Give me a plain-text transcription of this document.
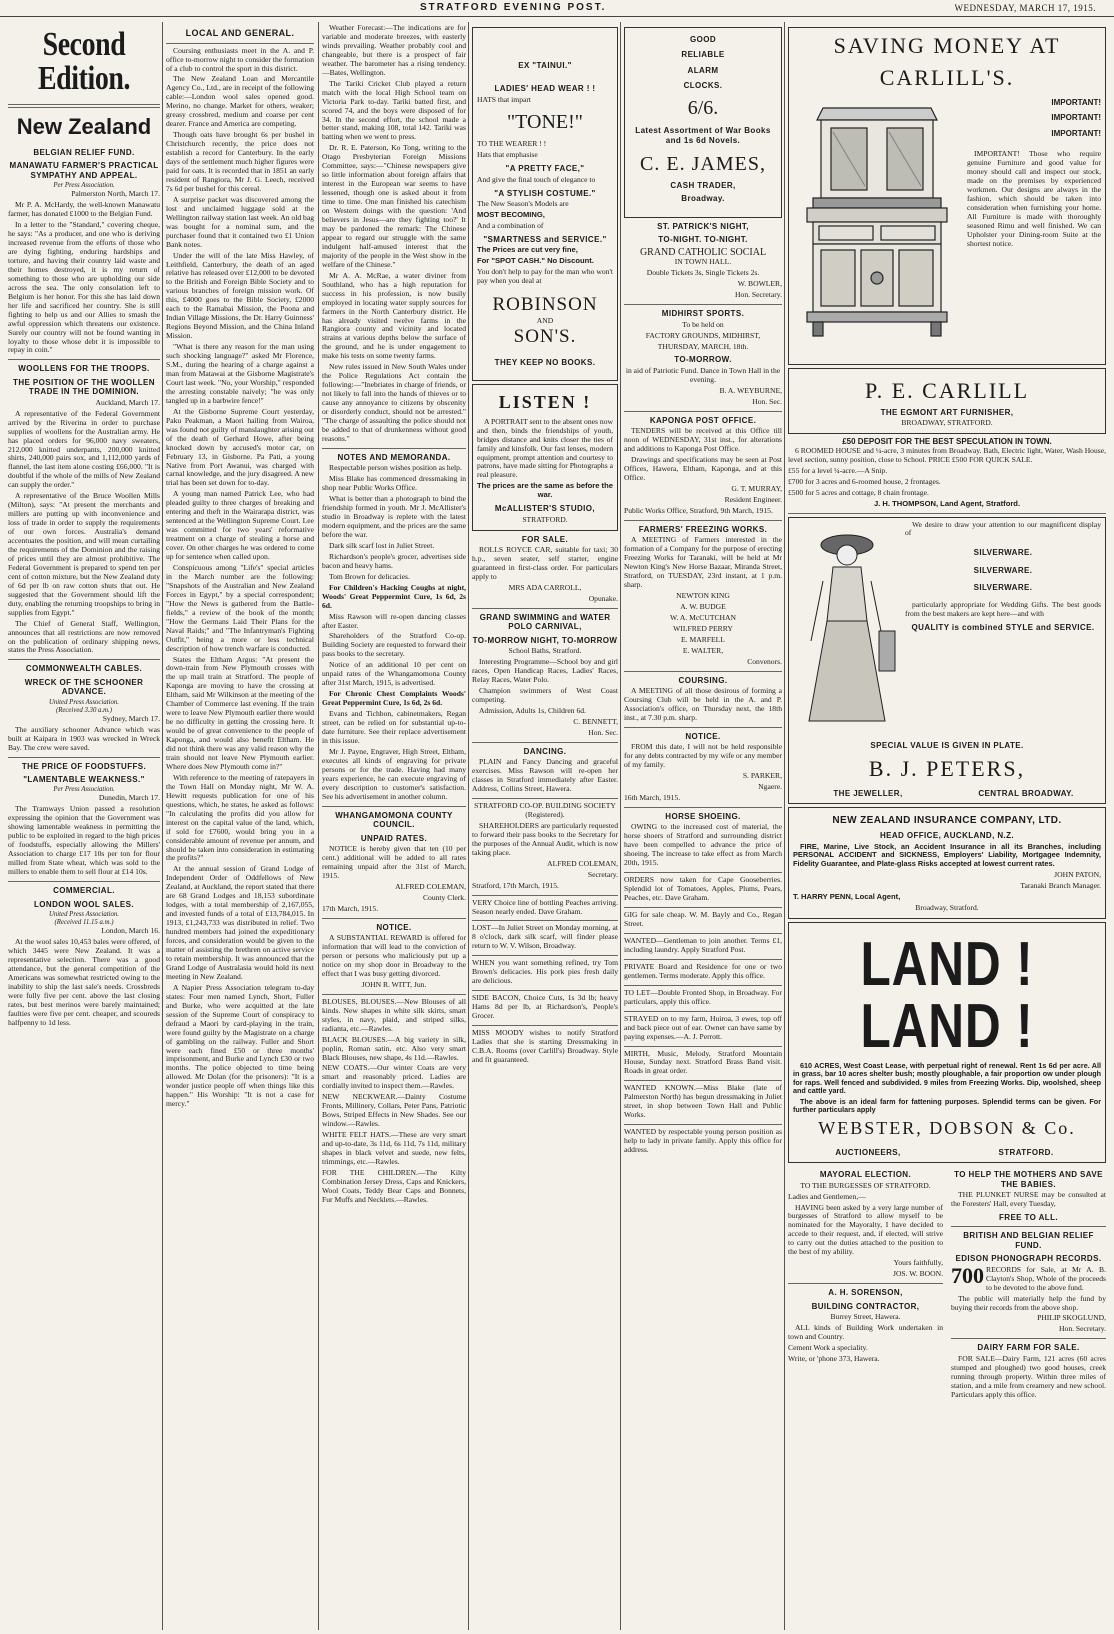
STRATFORD EVENING POST.	WEDNESDAY, MARCH 17, 1915.
Second Edition.
New Zealand
BELGIAN RELIEF FUND.
MANAWATU FARMER'S PRACTICAL SYMPATHY AND APPEAL.
Per Press Association.

Palmerston North, March 17.

Mr P. A. McHardy, the well-known Manawatu farmer, has donated £1000 to the Belgian Fund.

In a letter to the "Standard," covering cheque, he says: "As a producer, and one who is deriving increased revenue from the efforts of those who are dying fighting, enduring hardships and torture, and having their country laid waste and their homes destroyed, it is my return of something to those who are upholding our side across the sea. The only consolation left to Belgium is her honor. For this she has laid down her life and sacrificed her country. She is still fighting to help us and our Allies to smash the awful oppression which threatens our existence. Surely our country will not be found wanting in loyalty to those whose debt it is impossible to repay in coin."

WOOLLENS FOR THE TROOPS.
THE POSITION OF THE WOOLLEN TRADE IN THE DOMINION.

Auckland, March 17.

A representative of the Federal Government arrived by the Riverina in order to purchase supplies of woollens for the Australian army. He has placed orders for 96,000 navy sweaters, 212,000 knitted underpants, 200,000 knitted shirts, 240,000 pairs sox, and 1,112,000 yards of flannel, the last item alone costing £66,000. "It is doubtful if the whole of the mills of New Zealand can supply the order."

A representative of the Bruce Woollen Mills (Milton), says: "At present the merchants and millers are putting up with inconvenience and loss of trade in order to supply the requirements of our own forces. Australia's demand accentuates the position, and will mean curtailing the requirements of the Dominion and the raising of prices until they are almost prohibitive. The Federal Government is prepared to spend ten per cent of cotton mixture, but the New Zealand duty of 6d per lb on raw cotton shuts that out. He suggested that the Government should lift the duty, enabling the returning troopships to bring in supplies from Egypt."

The Chief of General Staff, Wellington, announces that all restrictions are now removed on the publication of ordinary shipping news, states the Press Association.

COMMONWEALTH CABLES.
WRECK OF THE SCHOONER ADVANCE.
United Press Association.
(Received 3.30 a.m.)

Sydney, March 17.

The auxiliary schooner Advance which was built at Kaipara in 1903 was wrecked in Wreck Bay. The crew were saved.

THE PRICE OF FOODSTUFFS.
"LAMENTABLE WEAKNESS."
Per Press Association.

Dunedin, March 17.

The Tramways Union passed a resolution expressing the opinion that the Government was showing lamentable weakness in permitting the public to be exploited in regard to the high prices of foodstuffs, especially allowing the Millers' Association to charge £17 10s per ton for flour milled from State wheat, which was sold to the millers to enable them to sell flour at £14 10s.

COMMERCIAL.
LONDON WOOL SALES.
United Press Association.
(Received 11.15 a.m.)

London, March 16.

At the wool sales 10,453 bales were offered, of which 3445 were New Zealand. It was a representative selection. There was a good attendance, but the general competition of the Americans was somewhat restricted owing to the inability to ship the last sale's needs. Crossbreds were fully five per cent. above the last closing rates, but best merinos were barely maintained; faulties were five per cent. cheaper, and scoureds halfpenny to 1d less.

LOCAL AND GENERAL.

Coursing enthusiasts meet in the A. and P. office to-morrow night to consider the formation of a club to control the sport in this district.

The New Zealand Loan and Mercantile Agency Co., Ltd., are in receipt of the following cable:—London wool sales opened good. Merino, no change. Market for others, weaker; greasy crossbred, medium and coarse per cent dearer. France and America are competing.

Though oats have brought 6s per bushel in Christchurch recently, the price does not establish a record for Canterbury. In the early days of the settlement much higher figures were paid for oats. It is recorded that in 1851 an early resident of Rangiora, Mr J. G. Leech, received 7s 6d per bushel for this cereal.

A surprise packet was discovered among the lost and unclaimed luggage sold at the Wellington railway station last week. An old bag was bought for a nominal sum, and the purchaser found that it contained two £1 Union Bank notes.

Under the will of the late Miss Hawley, of Leithfield, Canterbury, the death of an aged relative has released over £12,000 to be devoted to the British and Foreign Bible Society and to various branches of foreign mission work. Of this, £4000 goes to the Bible Society, £2000 each to the Ramabai Mission, the Poona and Indian Village Missions, the Dr. Harry Guinness' Regions Beyond Mission, and the China Inland Mission.

"What is there any reason for the man using such shocking language?" asked Mr Florence, S.M., during the hearing of a charge against a man from Matawai at the Gisborne Magistrate's Court last week. "No, your Worship," responded the arresting constable naively; "he was only tangled up in a barbwire fence!"

At the Gisborne Supreme Court yesterday, Paku Peakman, a Maori hailing from Wairoa, was found not guilty of manslaughter arising out of the death of Gerhard Howe, after being knocked down by accused's motor car, on February 13, in Gisborne. Pa Pati, a young Native from Port Awanui, was charged with carnal knowledge, and the jury disagreed. A new trial has been set down for to-day.

A young man named Patrick Lee, who had pleaded guilty to three charges of breaking and entering and theft in the Wairarapa district, was sentenced at the Wellington Supreme Court. Lee was committed for two years' reformative treatment on a charge of stealing a horse and cover. On other charges he was ordered to come up for sentence when called upon.

Conspicuous among "Life's" special articles in the March number are the following: "Snapshots of the Australian and New Zealand Forces in Egypt," by a special correspondent; "How the News is gathered from the Battle-fields," a review of the book of the month; "How the Germans Laid Their Plans for the Naval Raids;" and "The Infantryman's Fighting Outfit," being a more or less technical description of how trench warfare is conducted.

States the Eltham Argus: "At present the down-train from New Plymouth crosses with the up mail train at Stratford. The people of Kaponga are moving to have the crossing at Eltham, said Mr Wilkinson at the meeting of the Chamber of Commerce last evening. If the train were to leave New Plymouth earlier there would be no difficulty in getting the crossing here. It would be of great convenience to the people of Kaponga, and would also benefit Eltham. He did not think there was any valid reason why the train should not leave New Plymouth earlier. Where does New Plymouth come in?"

With reference to the meeting of ratepayers in the Town Hall on Monday night, Mr W. A. Hewitt requests publication for one of his questions, which, he states, he asked as follows: "In calculating the profits did you allow for interest on the capital value of the land, which, if sold for £7600, would bring you in a considerable amount of revenue per annum, and should be taken into consideration in estimating the profits?"

At the annual session of Grand Lodge of Independent Order of Oddfellows of New Zealand, at Auckland, the report stated that there are 68 Grand Lodges and 18,153 subordinate lodges, with a total membership of 2,167,055, and invested funds of a total of £13,784,015. In 1913, £1,243,733 was distributed in relief. Two hundred members had joined the expeditionary forces, and consideration would be given to the matter of assisting the brethren on active service to retain membership. It was announced that the Grand Lodge of Australasia would hold its next meeting in New Zealand.

A Napier Press Association telegram to-day states: Four men named Lynch, Short, Fuller and Burke, who were acquitted at the late session of the Supreme Court of conspiracy to defraud a Maori by card-playing in the train, were found guilty by the Magistrate on a charge of gambling on the railway. Fuller and Short were each fined £50 or three months' imprisonment, and Burke and Lynch £30 or two months. The police objected to time being allowed. Mr Dolan (for the prisoners): "It is a wonder justice people off when things like this happen." His Worship: "It is not a case for mercy."

Weather Forecast:—The indications are for variable and moderate breezes, with easterly winds prevailing. Weather probably cool and changeable, but there is a prospect of fair weather. The barometer has a rising tendency.—Bates, Wellington.

The Tariki Cricket Club played a return match with the local High School team on Victoria Park to-day. Tariki batted first, and scored 74, and the boys were disposed of for 34. In the second effort, the school made a better stand, making 108, total 142. Tariki was batting when we went to press.

Dr. R. E. Paterson, Ko Tong, writing to the Otago Presbyterian Foreign Missions Committee, says:—"Chinese newspapers give so little information about foreign affairs that interest in the European war seems to have lessened, though one is asked about it from time to time. One man finished his catechism on Western doings with the question: 'And believers in Jesus—are they fighting too?' It may be pardoned the remark: The Chinese appear to regard our struggle with the same indulgent half-amused interest that the majority of the people in the West show in the welfare of the Chinese."

Mr A. A. McRae, a water diviner from Southland, who has a high reputation for success in his profession, is now busily employed in locating water supply sources for farmers in the North Canterbury district. He has already visited twelve farms in the Rangiora county and vicinity and located strains at various depths below the surface of the ground, and he is under engagement to make his tests on some twenty farms.

New rules issued in New South Wales under the Police Regulations Act contain the following:—"Inebriates in charge of friends, or not likely to fall into the hands of thieves or to cause any annoyance to citizens by obscenity or disorderly conduct, should not be arrested." "The charge of assaulting the police should not be added to that of drunkenness without good reasons."

NOTES AND MEMORANDA.

Respectable person wishes position as help.

Miss Blake has commenced dressmaking in shop near Public Works Office.

What is better than a photograph to bind the friendship formed in youth. Mr J. McAllister's studio in Broadway is replete with the latest modern equipment, and the prices are the same before the war.

Dark silk scarf lost in Juliet Street.

Richardson's people's grocer, advertises side bacon and heavy hams.

Tom Brown for delicacies.

For Children's Hacking Coughs at night, Woods' Great Peppermint Cure, 1s 6d, 2s 6d.

Miss Rawson will re-open dancing classes after Easter.

Shareholders of the Stratford Co-op. Building Society are requested to forward their pass books to the secretary.

Notice of an additional 10 per cent on unpaid rates of the Whangamomona County after 31st March, 1915, is advertised.

For Chronic Chest Complaints Woods' Great Peppermint Cure, 1s 6d, 2s 6d.

Evans and Tichbon, cabinetmakers, Regan street, can be relied on for substantial up-to-date furniture. See their replace advertisement in this issue.

Mr J. Payne, Engraver, High Street, Eltham, executes all kinds of engraving for private persons or for the trade. Having had many years experience, he can execute engraving of every description to customer's satisfaction. See his advertisement in another column.

WHANGAMOMONA COUNTY COUNCIL.
UNPAID RATES.

NOTICE is hereby given that ten (10 per cent.) additional will be added to all rates remaining unpaid after the 31st of March, 1915.

ALFRED COLEMAN,

County Clerk.

17th March, 1915.

NOTICE.

A SUBSTANTIAL REWARD is offered for information that will lead to the conviction of person or persons who maliciously put up a notice on my shop door in Broadway to the effect that I was busy getting divorced.

JOHN R. WITT, Jun.

BLOUSES, BLOUSES.—New Blouses of all kinds. New shapes in white silk skirts, smart styles, in navy, plaid, and striped silks, radianta, etc.—Rawles.

BLACK BLOUSES.—A big variety in silk, poplin, Roman satin, etc. Also very smart Black Blouses, new shape, 4s 11d.—Rawles.

NEW COATS.—Our winter Coats are very smart and reasonably priced. Ladies are cordially invited to inspect them.—Rawles.

NEW NECKWEAR.—Dainty Costume Fronts, Millinery, Collars, Peter Pans, Patriotic Bows, Striped Effects in New Shades. See our window.—Rawles.

WHITE FELT HATS.—These are very smart and up-to-date, 3s 11d, 6s 11d, 7s 11d, military shapes in black velvet and suede, new felts, trimmings, etc.—Rawles.

FOR THE CHILDREN.—The Kilty Combination Jersey Dress, Caps and Knickers, Wool Coats, Teddy Bear Caps and Bonnets, Fur Muffs and Necklets.—Rawles.

EX "TAINUI."
LADIES' HEAD WEAR ! !

HATS that impart

"TONE!"

TO THE WEARER ! !

Hats that emphasise

"A PRETTY FACE,"

And give the final touch of elegance to

"A STYLISH COSTUME."

The New Season's Models are

MOST BECOMING,

And a combination of

"SMARTNESS and SERVICE."

The Prices are cut very fine,

For "SPOT CASH." No Discount.

You don't help to pay for the man who won't pay when you deal at

ROBINSON
AND
SON'S.
THEY KEEP NO BOOKS.
LISTEN !

A PORTRAIT sent to the absent ones now and then, binds the friendships of youth, bridges distance and knits closer the ties of family and kinsfolk. Our fast lenses, modern equipment, prompt attention and courtesy to patrons, have made sitting for Photographs a real pleasure.

The prices are the same as before the war.

McALLISTER'S STUDIO,

STRATFORD.

FOR SALE.

ROLLS ROYCE CAR, suitable for taxi; 30 h.p., seven seater, self starter, engine guaranteed in first-class order. For particulars apply to

MRS ADA CARROLL,

Opunake.

GRAND SWIMMING and WATER POLO CARNIVAL,
TO-MORROW NIGHT, TO-MORROW

School Baths, Stratford.

Interesting Programme—School boy and girl races, Open Handicap Races, Ladies' Races, Relay Races, Water Polo.

Champion swimmers of West Coast competing.

Admission, Adults 1s, Children 6d.

C. BENNETT,

Hon. Sec.

DANCING.

PLAIN and Fancy Dancing and graceful exercises. Miss Rawson will re-open her classes in Stratford immediately after Easter. Address, Collins Street, Hawera.

STRATFORD CO-OP. BUILDING SOCIETY (Registered).

SHAREHOLDERS are particularly requested to forward their pass books to the Secretary for the purposes of the Annual Audit, which is now taking place.

ALFRED COLEMAN,

Secretary.

Stratford, 17th March, 1915.

VERY Choice line of bottling Peaches arriving. Season nearly ended. Dave Graham.

LOST—In Juliet Street on Monday morning, at 8 o'clock, dark silk scarf, will finder please return to W. V. Wilson, Broadway.

WHEN you want something refined, try Tom Brown's delicacies. His pork pies fresh daily are delicious.

SIDE BACON, Choice Cuts, 1s 3d lb; heavy Hams 8d per lb, at Richardson's, People's Grocer.

MISS MOODY wishes to notify Stratford Ladies that she is starting Dressmaking in C.B.A. Rooms (over Carlill's) Broadway. Style and fit guaranteed.

GOOD
RELIABLE
ALARM
CLOCKS.
6/6.
Latest Assortment of War Books and 1s 6d Novels.
C. E. JAMES,
CASH TRADER,
Broadway.
ST. PATRICK'S NIGHT,
TO-NIGHT. TO-NIGHT.
GRAND CATHOLIC SOCIAL

IN TOWN HALL.

Double Tickets 3s, Single Tickets 2s.

W. BOWLER,

Hon. Secretary.

MIDHIRST SPORTS.

To be held on

FACTORY GROUNDS, MIDHIRST,

THURSDAY, MARCH, 18th.

TO-MORROW.

in aid of Patriotic Fund. Dance in Town Hall in the evening.

B. A. WEYBURNE,

Hon. Sec.

KAPONGA POST OFFICE.

TENDERS will be received at this Office till noon of WEDNESDAY, 31st inst., for alterations and additions to Kaponga Post Office.

Drawings and specifications may be seen at Post Offices, Hawera, Eltham, Kaponga, and at this Office.

G. T. MURRAY,

Resident Engineer.

Public Works Office, Stratford, 9th March, 1915.

FARMERS' FREEZING WORKS.

A MEETING of Farmers interested in the formation of a Company for the purpose of erecting Freezing Works for Taranaki, will be held at Mr Newton King's New Horse Bazaar, Miranda Street, Stratford, on TUESDAY, 23rd instant, at 1 p.m. sharp.

NEWTON KING

A. W. BUDGE

W. A. McCUTCHAN

WILFRED PERRY

E. MARFELL

E. WALTER,

Convenors.

COURSING.

A MEETING of all those desirous of forming a Coursing Club will be held in the A. and P. Association's office, on Thursday next, the 18th inst., at 7.30 p.m. sharp.

NOTICE.

FROM this date, I will not be held responsible for any debts contracted by my wife or any member of my family.

S. PARKER,

Ngaere.

16th March, 1915.

HORSE SHOEING.

OWING to the increased cost of material, the horse shoers of Stratford and surrounding district have been compelled to advance the price of shoeing. The increase to take effect as from March 20th, 1915.

ORDERS now taken for Cape Gooseberries. Splendid lot of Tomatoes, Apples, Plums, Pears, Peaches, etc. Dave Graham.

GIG for sale cheap. W. M. Bayly and Co., Regan Street.

WANTED—Gentleman to join another. Terms £1, including laundry. Apply Stratford Post.

PRIVATE Board and Residence for one or two gentlemen. Terms moderate. Apply this office.

TO LET—Double Fronted Shop, in Broadway. For particulars, apply this office.

STRAYED on to my farm, Huiroa, 3 ewes, top off and back piece out of ear. Owner can have same by paying expenses.—A. J. Perrott.

MIRTH, Music, Melody, Stratford Mountain House, Sunday next. Stratford Brass Band visit. Roads in great order.

WANTED KNOWN.—Miss Blake (late of Palmerston North) has begun dressmaking in Juliet street, in shop between Town Hall and Public Works.

WANTED by respectable young person position as help to lady in private family. Apply this office for address.

SAVING MONEY AT
CARLILL'S.
IMPORTANT!
IMPORTANT!
IMPORTANT!

IMPORTANT! Those who require genuine Furniture and good value for money should call and inspect our stock, made on the premises by experienced workmen. Our designs are always in the fashion, which should be taken into consideration when furnishing your home. All Furniture is made with thoroughly seasoned Rimu and well finished. We can Upholster your Dining-room Suite at the shortest notice.

P. E. CARLILL
THE EGMONT ART FURNISHER,

BROADWAY, STRATFORD.

£50 DEPOSIT FOR THE BEST SPECULATION IN TOWN.

6 ROOMED HOUSE and ¼-acre, 3 minutes from Broadway. Bath, Electric light, Water, Wash House, level section, sunny position, close to School. PRICE £500 FOR QUICK SALE.

£55 for a level ¼-acre.—A Snip.

£700 for 3 acres and 6-roomed house, 2 frontages.

£500 for 5 acres and cottage, 8 chain frontage.

J. H. THOMPSON, Land Agent, Stratford.

We desire to draw your attention to our magnificent display of

SILVERWARE.
SILVERWARE.
SILVERWARE.

particularly appropriate for Wedding Gifts. The best goods from the best makers are kept here—and with

QUALITY is combined STYLE and SERVICE.
SPECIAL VALUE IS GIVEN IN PLATE.
B. J. PETERS,
THE JEWELLER,	CENTRAL BROADWAY.
NEW ZEALAND INSURANCE COMPANY, LTD.
HEAD OFFICE, AUCKLAND, N.Z.

FIRE, Marine, Live Stock, an Accident Insurance in all its Branches, including PERSONAL ACCIDENT and SICKNESS, Employers' Liability, Mortgagee Indemnity, Fidelity Guarantee, and Plate-glass Risks accepted at lowest current rates.

JOHN PATON,

Taranaki Branch Manager.

T. HARRY PENN, Local Agent,

Broadway, Stratford.

LAND ! LAND !

610 ACRES, West Coast Lease, with perpetual right of renewal. Rent 1s 6d per acre. All in grass, bar 10 acres shelter bush; mostly ploughable, a fair proportion ow under plough for raps. Well fenced and subdivided. 9 miles from Freezing Works. Dip, woolshed, sheep and cattle yard.

The above is an ideal farm for fattening purposes. Splendid terms can be given. For further particulars apply

WEBSTER, DOBSON & Co.
AUCTIONEERS,	STRATFORD.
MAYORAL ELECTION.

TO THE BURGESSES OF STRATFORD.

Ladies and Gentlemen,—

HAVING been asked by a very large number of burgesses of Stratford to allow myself to be nominated for the Mayoralty, I have decided to accede to their request, and, if elected, will strive to carry out the duties attached to the position to the best of my ability.

Yours faithfully,

JOS. W. BOON.

A. H. SORENSON,
BUILDING CONTRACTOR,

Burrey Street, Hawera.

ALL kinds of Building Work undertaken in town and Country.

Cement Work a speciality.

Write, or 'phone 373, Hawera.

TO HELP THE MOTHERS AND SAVE THE BABIES.

THE PLUNKET NURSE may be consulted at the Foresters' Hall, every Tuesday,

FREE TO ALL.
BRITISH AND BELGIAN RELIEF FUND.
EDISON PHONOGRAPH RECORDS.
700 RECORDS for Sale, at Mr A. B. Clayton's Shop, Whole of the proceeds to be devoted to the above fund.

The public will materially help the fund by buying their records from the above shop.

PHILIP SKOGLUND,

Hon. Secretary.

DAIRY FARM FOR SALE.

FOR SALE—Dairy Farm, 121 acres (60 acres stumped and ploughed) two good houses, creek running through property. Within three miles of station, and a mile from creamery and new school. Particulars apply this office.
